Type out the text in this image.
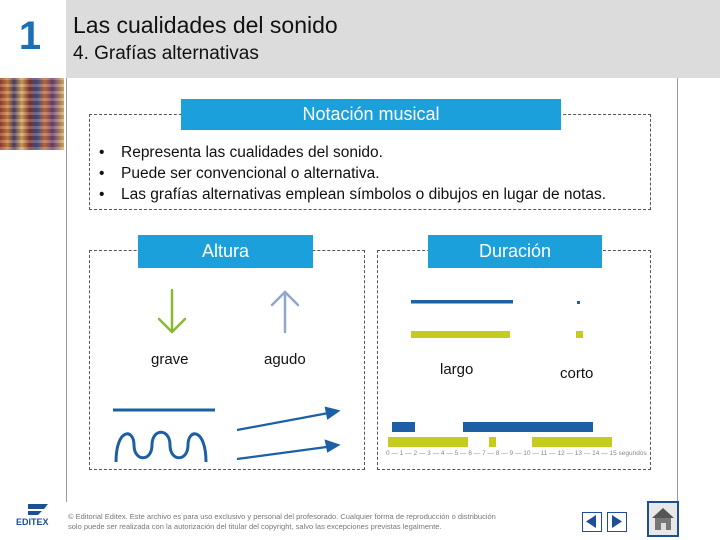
1	Las cualidades del sonido
4. Grafías alternativas
Notación musical
•	Representa las cualidades del sonido.
•	Puede ser convencional o alternativa.
•	Las grafías alternativas emplean símbolos o dibujos en lugar de notas.
Altura	Duración
grave	agudo
largo	corto
0 — 1 — 2 — 3 — 4 — 5 — 6 — 7 — 8 — 9 — 10 — 11 — 12 — 13 — 14 — 15 segundos
EDITEX
© Editorial Editex. Este archivo es para uso exclusivo y personal del profesorado. Cualquier forma de reproducción o distribución
solo puede ser realizada con la autorización del titular del copyright, salvo las excepciones previstas legalmente.
